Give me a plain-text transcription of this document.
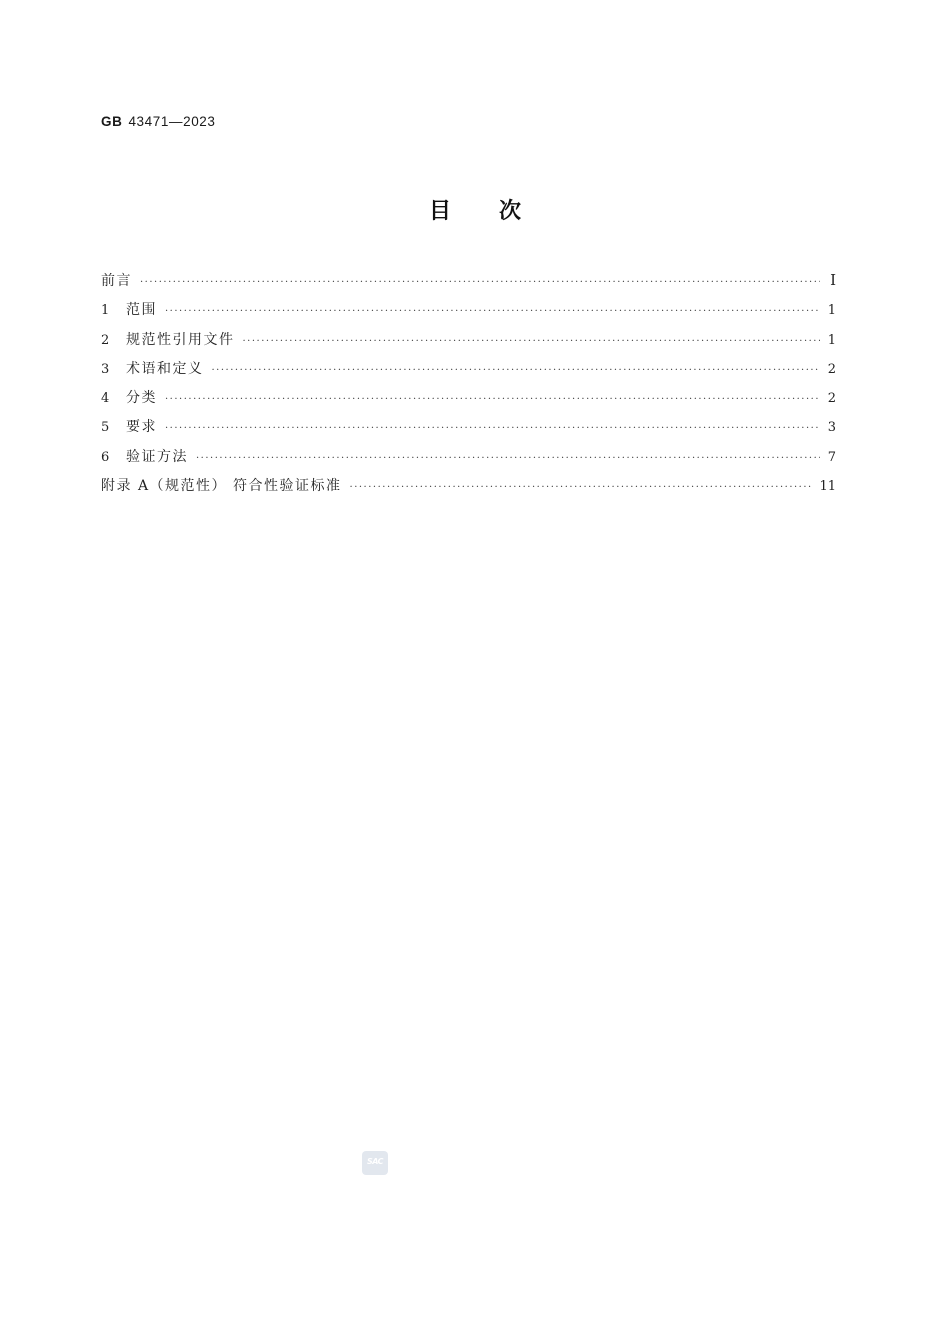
GB 43471—2023
目次
前言 ·····	I
1	范围 ·····	1
2	规范性引用文件 ·····	1
3	术语和定义 ·····	2
4	分类 ·····	2
5	要求 ·····	3
6	验证方法 ·····	7
附录 A（规范性） 符合性验证标准 ·····	11
SAC
